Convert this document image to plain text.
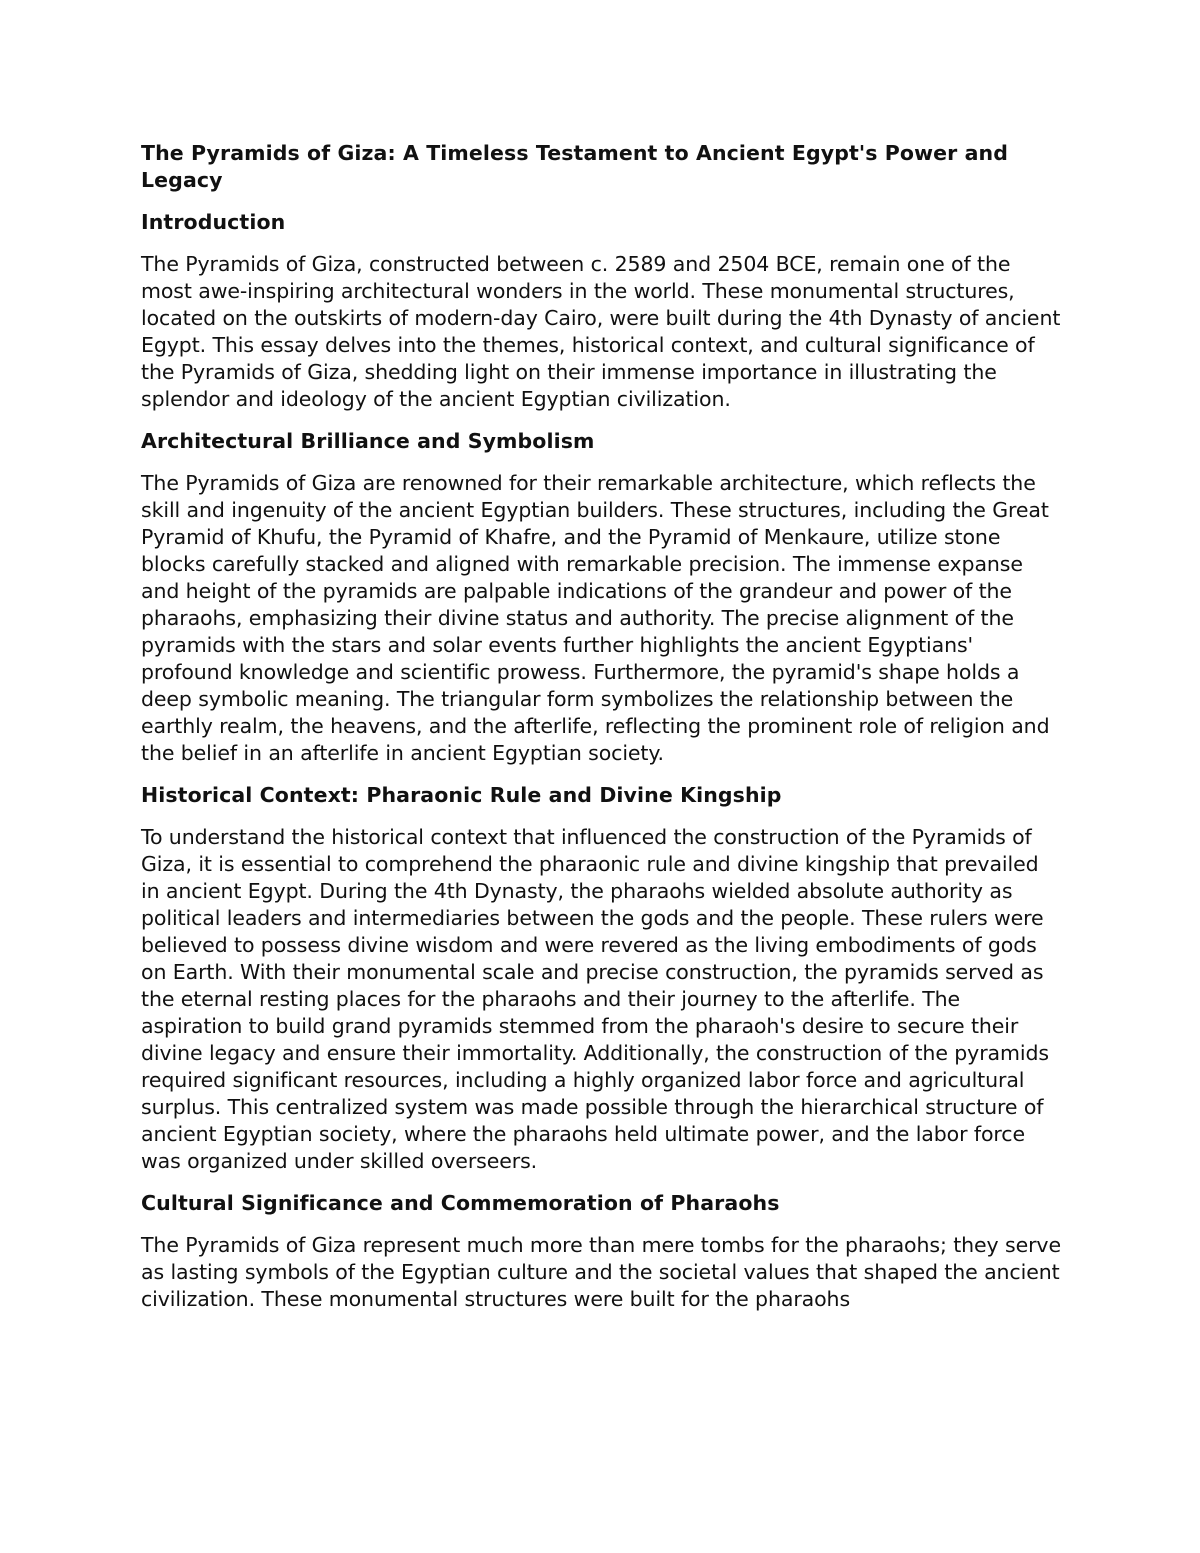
The Pyramids of Giza: A Timeless Testament to Ancient Egypt's Power and Legacy
Introduction
The Pyramids of Giza, constructed between c. 2589 and 2504 BCE, remain one of the most awe-inspiring architectural wonders in the world. These monumental structures, located on the outskirts of modern-day Cairo, were built during the 4th Dynasty of ancient Egypt. This essay delves into the themes, historical context, and cultural significance of the Pyramids of Giza, shedding light on their immense importance in illustrating the splendor and ideology of the ancient Egyptian civilization.
Architectural Brilliance and Symbolism
The Pyramids of Giza are renowned for their remarkable architecture, which reflects the skill and ingenuity of the ancient Egyptian builders. These structures, including the Great Pyramid of Khufu, the Pyramid of Khafre, and the Pyramid of Menkaure, utilize stone blocks carefully stacked and aligned with remarkable precision. The immense expanse and height of the pyramids are palpable indications of the grandeur and power of the pharaohs, emphasizing their divine status and authority. The precise alignment of the pyramids with the stars and solar events further highlights the ancient Egyptians' profound knowledge and scientific prowess. Furthermore, the pyramid's shape holds a deep symbolic meaning. The triangular form symbolizes the relationship between the earthly realm, the heavens, and the afterlife, reflecting the prominent role of religion and the belief in an afterlife in ancient Egyptian society.
Historical Context: Pharaonic Rule and Divine Kingship
To understand the historical context that influenced the construction of the Pyramids of Giza, it is essential to comprehend the pharaonic rule and divine kingship that prevailed in ancient Egypt. During the 4th Dynasty, the pharaohs wielded absolute authority as political leaders and intermediaries between the gods and the people. These rulers were believed to possess divine wisdom and were revered as the living embodiments of gods on Earth. With their monumental scale and precise construction, the pyramids served as the eternal resting places for the pharaohs and their journey to the afterlife. The aspiration to build grand pyramids stemmed from the pharaoh's desire to secure their divine legacy and ensure their immortality. Additionally, the construction of the pyramids required significant resources, including a highly organized labor force and agricultural surplus. This centralized system was made possible through the hierarchical structure of ancient Egyptian society, where the pharaohs held ultimate power, and the labor force was organized under skilled overseers.
Cultural Significance and Commemoration of Pharaohs
The Pyramids of Giza represent much more than mere tombs for the pharaohs; they serve as lasting symbols of the Egyptian culture and the societal values that shaped the ancient civilization. These monumental structures were built for the pharaohs
